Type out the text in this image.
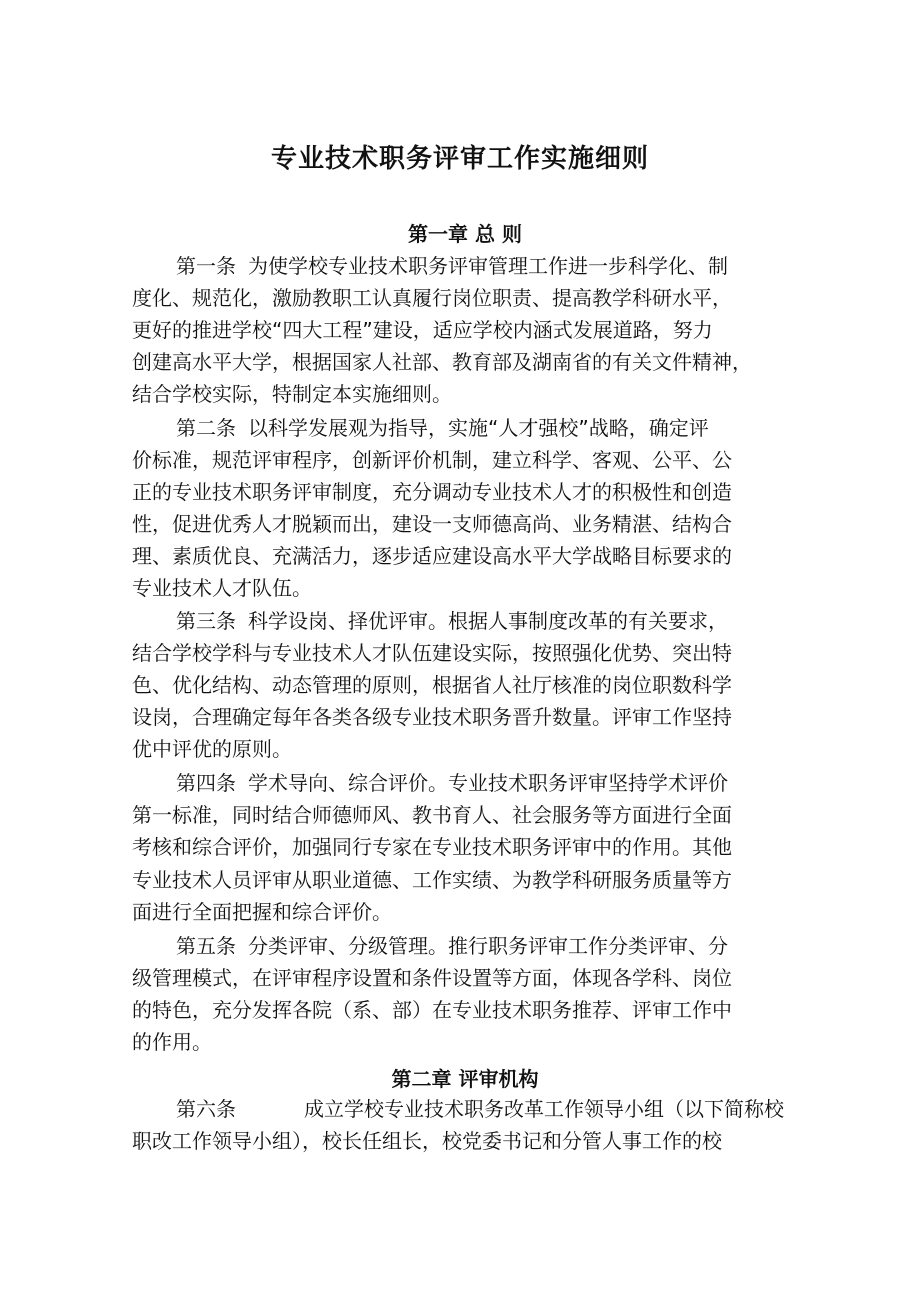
专业技术职务评审工作实施细则
第一章 总 则

第一条 为使学校专业技术职务评审管理工作进一步科学化、制

度化、规范化，激励教职工认真履行岗位职责、提高教学科研水平，

更好的推进学校“四大工程”建设，适应学校内涵式发展道路，努力

创建高水平大学，根据国家人社部、教育部及湖南省的有关文件精神，

结合学校实际，特制定本实施细则。

第二条 以科学发展观为指导，实施“人才强校”战略，确定评

价标准，规范评审程序，创新评价机制，建立科学、客观、公平、公

正的专业技术职务评审制度，充分调动专业技术人才的积极性和创造

性，促进优秀人才脱颖而出，建设一支师德高尚、业务精湛、结构合

理、素质优良、充满活力，逐步适应建设高水平大学战略目标要求的

专业技术人才队伍。

第三条 科学设岗、择优评审。根据人事制度改革的有关要求，

结合学校学科与专业技术人才队伍建设实际，按照强化优势、突出特

色、优化结构、动态管理的原则，根据省人社厅核准的岗位职数科学

设岗，合理确定每年各类各级专业技术职务晋升数量。评审工作坚持

优中评优的原则。

第四条 学术导向、综合评价。专业技术职务评审坚持学术评价

第一标准，同时结合师德师风、教书育人、社会服务等方面进行全面

考核和综合评价，加强同行专家在专业技术职务评审中的作用。其他

专业技术人员评审从职业道德、工作实绩、为教学科研服务质量等方

面进行全面把握和综合评价。

第五条 分类评审、分级管理。推行职务评审工作分类评审、分

级管理模式，在评审程序设置和条件设置等方面，体现各学科、岗位

的特色，充分发挥各院（系、部）在专业技术职务推荐、评审工作中

的作用。

第二章 评审机构

第六条	成立学校专业技术职务改革工作领导小组（以下简称校

职改工作领导小组），校长任组长，校党委书记和分管人事工作的校
